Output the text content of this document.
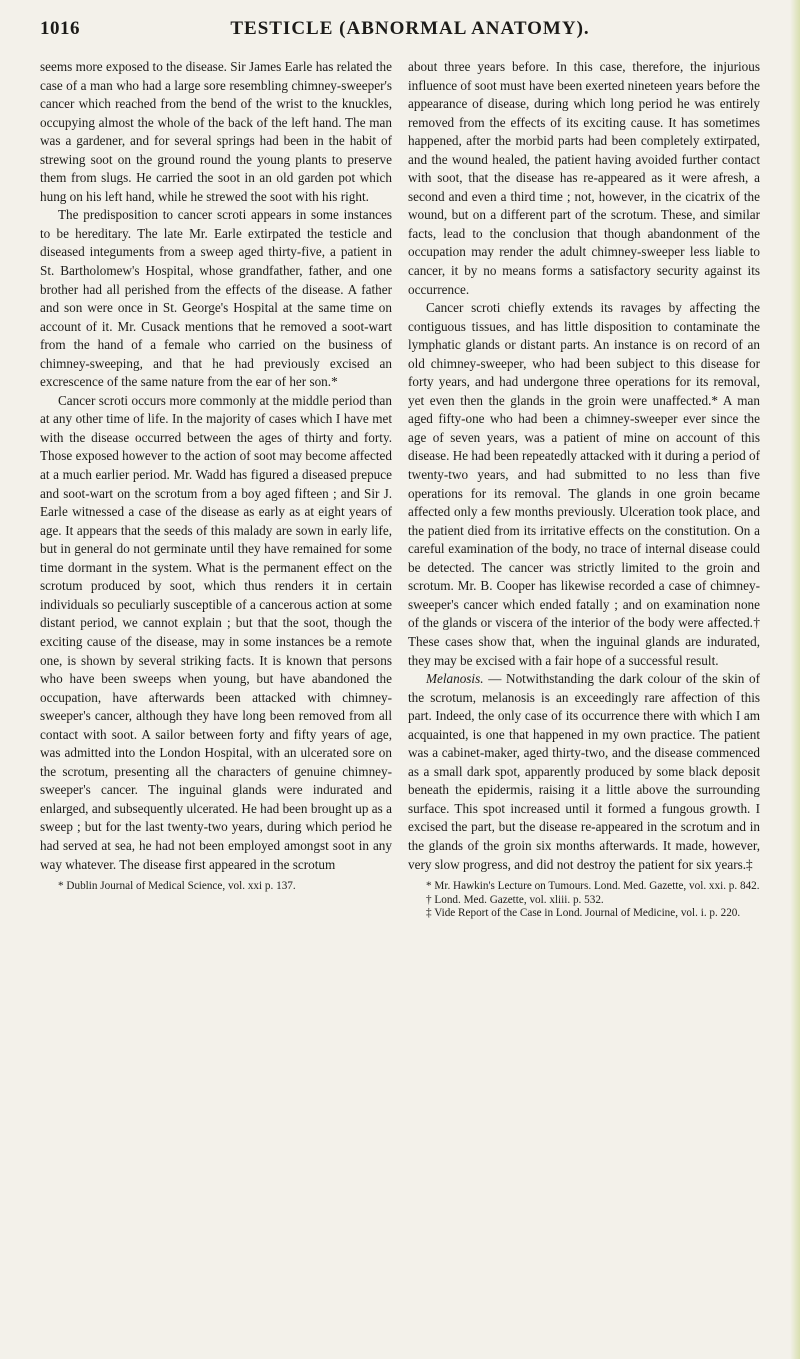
1016	TESTICLE (ABNORMAL ANATOMY).

seems more exposed to the disease. Sir James Earle has related the case of a man who had a large sore resembling chimney-sweeper's cancer which reached from the bend of the wrist to the knuckles, occupying almost the whole of the back of the left hand. The man was a gardener, and for several springs had been in the habit of strewing soot on the ground round the young plants to preserve them from slugs. He carried the soot in an old garden pot which hung on his left hand, while he strewed the soot with his right.

The predisposition to cancer scroti appears in some instances to be hereditary. The late Mr. Earle extirpated the testicle and diseased integuments from a sweep aged thirty-five, a patient in St. Bartholomew's Hospital, whose grandfather, father, and one brother had all perished from the effects of the disease. A father and son were once in St. George's Hospital at the same time on account of it. Mr. Cusack mentions that he removed a soot-wart from the hand of a female who carried on the business of chimney-sweeping, and that he had previously excised an excrescence of the same nature from the ear of her son.*

Cancer scroti occurs more commonly at the middle period than at any other time of life. In the majority of cases which I have met with the disease occurred between the ages of thirty and forty. Those exposed however to the action of soot may become affected at a much earlier period. Mr. Wadd has figured a diseased prepuce and soot-wart on the scrotum from a boy aged fifteen ; and Sir J. Earle witnessed a case of the disease as early as at eight years of age. It appears that the seeds of this malady are sown in early life, but in general do not germinate until they have remained for some time dormant in the system. What is the permanent effect on the scrotum produced by soot, which thus renders it in certain individuals so peculiarly susceptible of a cancerous action at some distant period, we cannot explain ; but that the soot, though the exciting cause of the disease, may in some instances be a remote one, is shown by several striking facts. It is known that persons who have been sweeps when young, but have abandoned the occupation, have afterwards been attacked with chimney-sweeper's cancer, although they have long been removed from all contact with soot. A sailor between forty and fifty years of age, was admitted into the London Hospital, with an ulcerated sore on the scrotum, presenting all the characters of genuine chimney-sweeper's cancer. The inguinal glands were indurated and enlarged, and subsequently ulcerated. He had been brought up as a sweep ; but for the last twenty-two years, during which period he had served at sea, he had not been employed amongst soot in any way whatever. The disease first appeared in the scrotum

* Dublin Journal of Medical Science, vol. xxi p. 137.

about three years before. In this case, therefore, the injurious influence of soot must have been exerted nineteen years before the appearance of disease, during which long period he was entirely removed from the effects of its exciting cause. It has sometimes happened, after the morbid parts had been completely extirpated, and the wound healed, the patient having avoided further contact with soot, that the disease has re-appeared as it were afresh, a second and even a third time ; not, however, in the cicatrix of the wound, but on a different part of the scrotum. These, and similar facts, lead to the conclusion that though abandonment of the occupation may render the adult chimney-sweeper less liable to cancer, it by no means forms a satisfactory security against its occurrence.

Cancer scroti chiefly extends its ravages by affecting the contiguous tissues, and has little disposition to contaminate the lymphatic glands or distant parts. An instance is on record of an old chimney-sweeper, who had been subject to this disease for forty years, and had undergone three operations for its removal, yet even then the glands in the groin were unaffected.* A man aged fifty-one who had been a chimney-sweeper ever since the age of seven years, was a patient of mine on account of this disease. He had been repeatedly attacked with it during a period of twenty-two years, and had submitted to no less than five operations for its removal. The glands in one groin became affected only a few months previously. Ulceration took place, and the patient died from its irritative effects on the constitution. On a careful examination of the body, no trace of internal disease could be detected. The cancer was strictly limited to the groin and scrotum. Mr. B. Cooper has likewise recorded a case of chimney-sweeper's cancer which ended fatally ; and on examination none of the glands or viscera of the interior of the body were affected.† These cases show that, when the inguinal glands are indurated, they may be excised with a fair hope of a successful result.

Melanosis. — Notwithstanding the dark colour of the skin of the scrotum, melanosis is an exceedingly rare affection of this part. Indeed, the only case of its occurrence there with which I am acquainted, is one that happened in my own practice. The patient was a cabinet-maker, aged thirty-two, and the disease commenced as a small dark spot, apparently produced by some black deposit beneath the epidermis, raising it a little above the surrounding surface. This spot increased until it formed a fungous growth. I excised the part, but the disease re-appeared in the scrotum and in the glands of the groin six months afterwards. It made, however, very slow progress, and did not destroy the patient for six years.‡

* Mr. Hawkin's Lecture on Tumours. Lond. Med. Gazette, vol. xxi. p. 842.

† Lond. Med. Gazette, vol. xliii. p. 532.

‡ Vide Report of the Case in Lond. Journal of Medicine, vol. i. p. 220.
